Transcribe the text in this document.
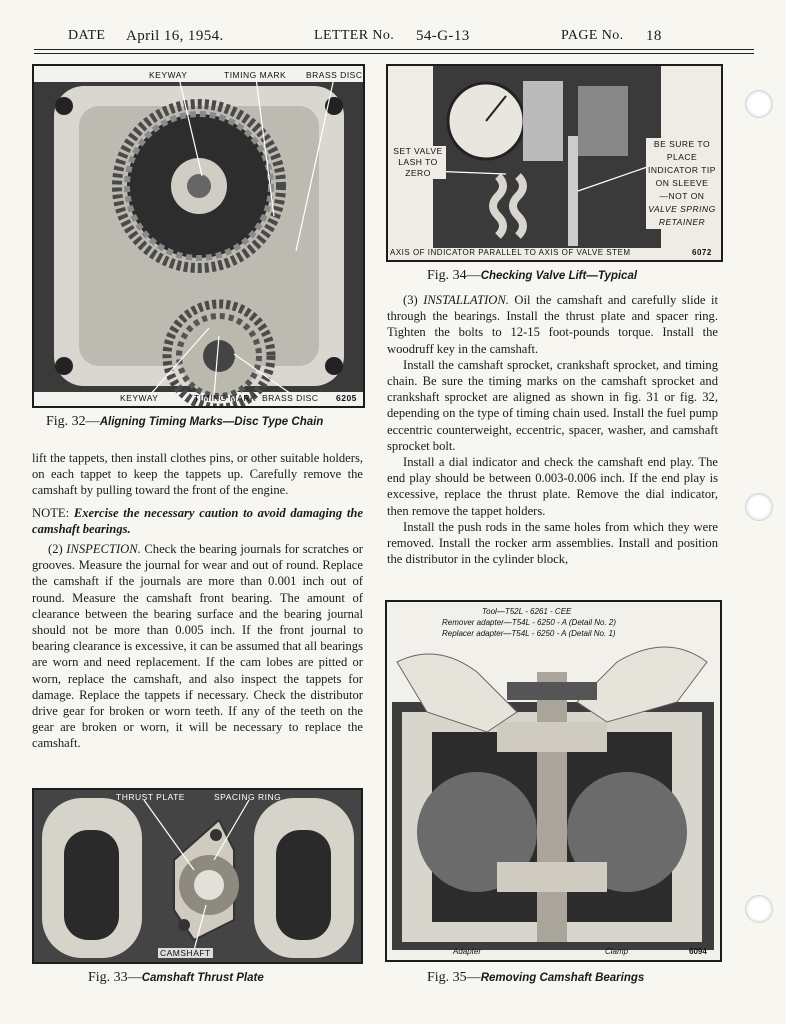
DATE April 16, 1954.	LETTER No. 54-G-13	PAGE No. 18
KEYWAY	TIMING MARK BRASS DISC
KEYWAY	TIMING MARK BRASS DISC 6205
Fig. 32—Aligning Timing Marks—Disc Type Chain

lift the tappets, then install clothes pins, or other suitable holders, on each tappet to keep the tappets up. Carefully remove the camshaft by pulling toward the front of the engine.

NOTE: Exercise the necessary caution to avoid damaging the camshaft bearings.

(2) INSPECTION. Check the bearing journals for scratches or grooves. Measure the journal for wear and out of round. Replace the camshaft if the journals are more than 0.001 inch out of round. Measure the camshaft front bearing. The amount of clearance between the bearing surface and the bearing journal should not be more than 0.005 inch. If the front journal to bearing clearance is excessive, it can be assumed that all bearings are worn and need replacement. If the cam lobes are pitted or worn, replace the camshaft, and also inspect the tappets for damage. Replace the tappets if necessary. Check the distributor drive gear for broken or worn teeth. If any of the teeth on the gear are broken or worn, it will be necessary to replace the camshaft.

THRUST PLATE	SPACING RING
CAMSHAFT
Fig. 33—Camshaft Thrust Plate
SET VALVE
LASH TO
ZERO
BE SURE TO
PLACE
INDICATOR TIP
ON SLEEVE
—NOT ON
VALVE SPRING
RETAINER
AXIS OF INDICATOR PARALLEL TO AXIS OF VALVE STEM	6072
Fig. 34—Checking Valve Lift—Typical

(3) INSTALLATION. Oil the camshaft and carefully slide it through the bearings. Install the thrust plate and spacer ring. Tighten the bolts to 12-15 foot-pounds torque. Install the woodruff key in the camshaft.

Install the camshaft sprocket, crankshaft sprocket, and timing chain. Be sure the timing marks on the camshaft sprocket and crankshaft sprocket are aligned as shown in fig. 31 or fig. 32, depending on the type of timing chain used. Install the fuel pump eccentric counterweight, eccentric, spacer, washer, and camshaft sprocket bolt.

Install a dial indicator and check the camshaft end play. The end play should be between 0.003-0.006 inch. If the end play is excessive, replace the thrust plate. Remove the dial indicator, then remove the tappet holders.

Install the push rods in the same holes from which they were removed. Install the rocker arm assemblies. Install and position the distributor in the cylinder block,

Tool—T52L - 6261 - CEE
Remover adapter—T54L - 6250 - A (Detail No. 2)
Replacer adapter—T54L - 6250 - A (Detail No. 1)
Adapter	Clamp	6094
Fig. 35—Removing Camshaft Bearings
